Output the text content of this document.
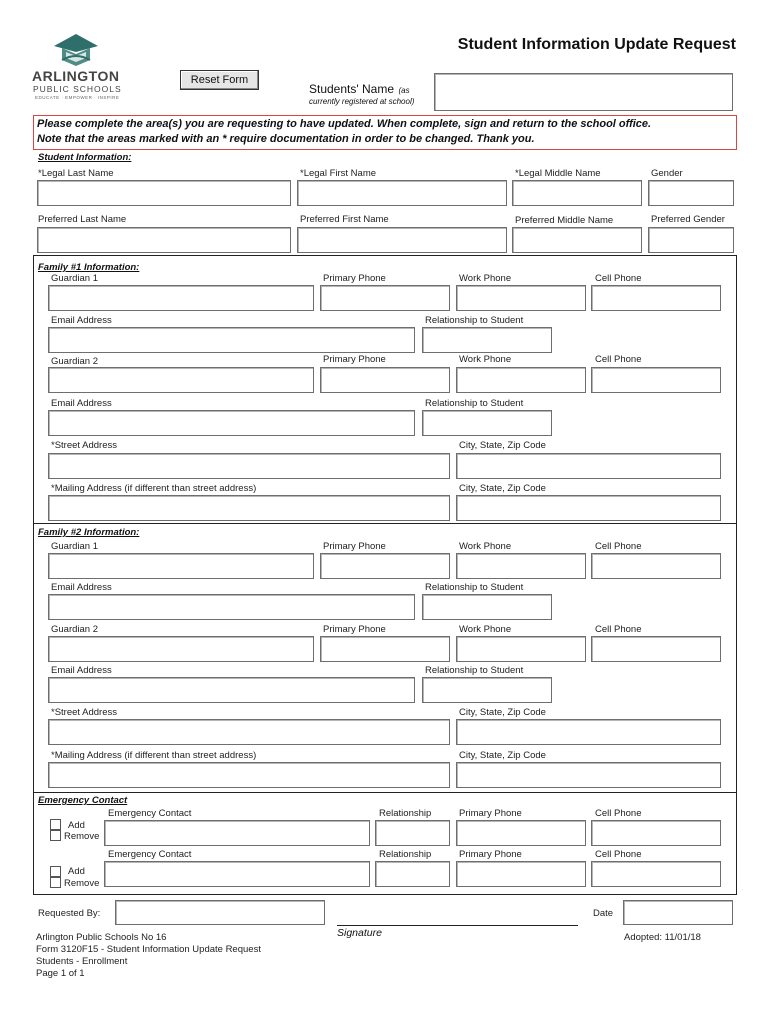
ARLINGTON
PUBLIC SCHOOLS
EDUCATE · EMPOWER · INSPIRE
Student Information Update Request
Reset Form
Students' Name (as
currently registered at school)
Please complete the area(s) you are requesting to have updated. When complete, sign and return to the school office.
Note that the areas marked with an * require documentation in order to be changed. Thank you.
Student Information:
*Legal Last Name	*Legal First Name	*Legal Middle Name	Gender
Preferred Last Name	Preferred First Name	Preferred Middle Name	Preferred Gender
Family #1 Information:
Guardian 1	Primary Phone	Work Phone	Cell Phone
Email Address	Relationship to Student
Guardian 2	Primary Phone	Work Phone	Cell Phone
Email Address	Relationship to Student
*Street Address	City, State, Zip Code
*Mailing Address (if different than street address)	City, State, Zip Code
Family #2 Information:
Guardian 1	Primary Phone	Work Phone	Cell Phone
Email Address	Relationship to Student
Guardian 2	Primary Phone	Work Phone	Cell Phone
Email Address	Relationship to Student
*Street Address	City, State, Zip Code
*Mailing Address (if different than street address)	City, State, Zip Code
Emergency Contact
Emergency Contact	Relationship	Primary Phone	Cell Phone
Add
Remove
Emergency Contact	Relationship	Primary Phone	Cell Phone
Add
Remove
Requested By:	Date
Signature
Arlington Public Schools No 16
Form 3120F15 - Student Information Update Request
Students - Enrollment
Page 1 of 1
Adopted: 11/01/18
